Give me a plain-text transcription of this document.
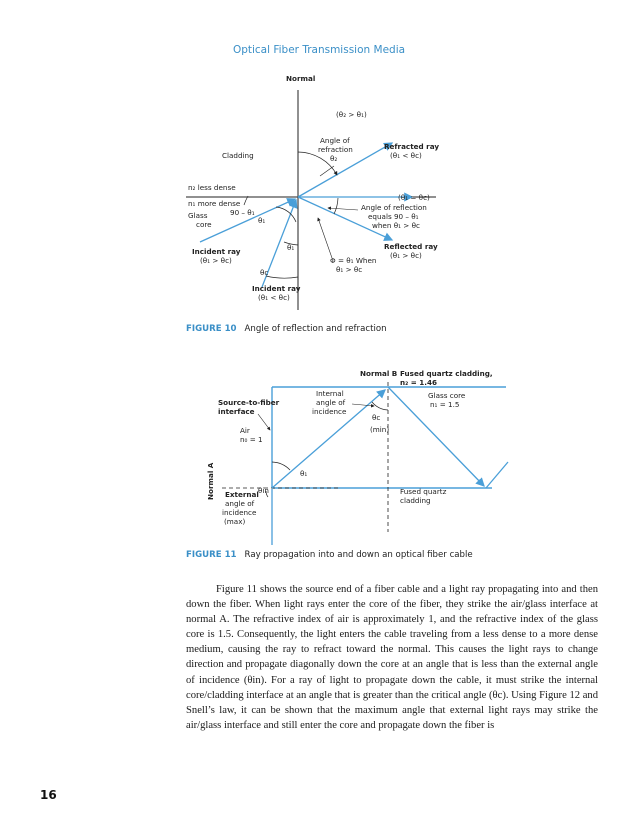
Optical Fiber Transmission Media
Normal
(θ₂ > θ₁)
Angle of
refraction
θ₂
Refracted ray
(θ₁ < θc)
Cladding
n₂ less dense
n₁ more dense
Glass
core
90 – θ₁
θ₁
(θ₁ = θc)
Angle of reflection
equals 90 – θ₁
when θ₁ > θc
θ₁
Incident ray
(θ₁ > θc)
Reflected ray
(θ₁ > θc)
Φ = θ₁ When
θ₁ > θc
θc
Incident ray
(θ₁ < θc)
Normal B Fused quartz cladding,
n₂ = 1.46
Internal
angle of
incidence
θc
(min)
Glass core
n₁ = 1.5
Source-to-fiber
interface
Air
n₀ = 1
θ₁
Normal A	θin
External
angle of
incidence
(max)
Fused quartz
cladding
FIGURE 10 Angle of reflection and refraction
FIGURE 11 Ray propagation into and down an optical fiber cable

Figure 11 shows the source end of a fiber cable and a light ray propagating into and then down the fiber. When light rays enter the core of the fiber, they strike the air/glass interface at normal A. The refractive index of air is approximately 1, and the refractive index of the glass core is 1.5. Consequently, the light enters the cable traveling from a less dense to a more dense medium, causing the ray to refract toward the normal. This causes the light rays to change direction and propagate diagonally down the core at an angle that is less than the external angle of incidence (θin). For a ray of light to propagate down the cable, it must strike the internal core/cladding interface at an angle that is greater than the critical angle (θc). Using Figure 12 and Snell’s law, it can be shown that the maximum angle that external light rays may strike the air/glass interface and still enter the core and propagate down the fiber is

16
